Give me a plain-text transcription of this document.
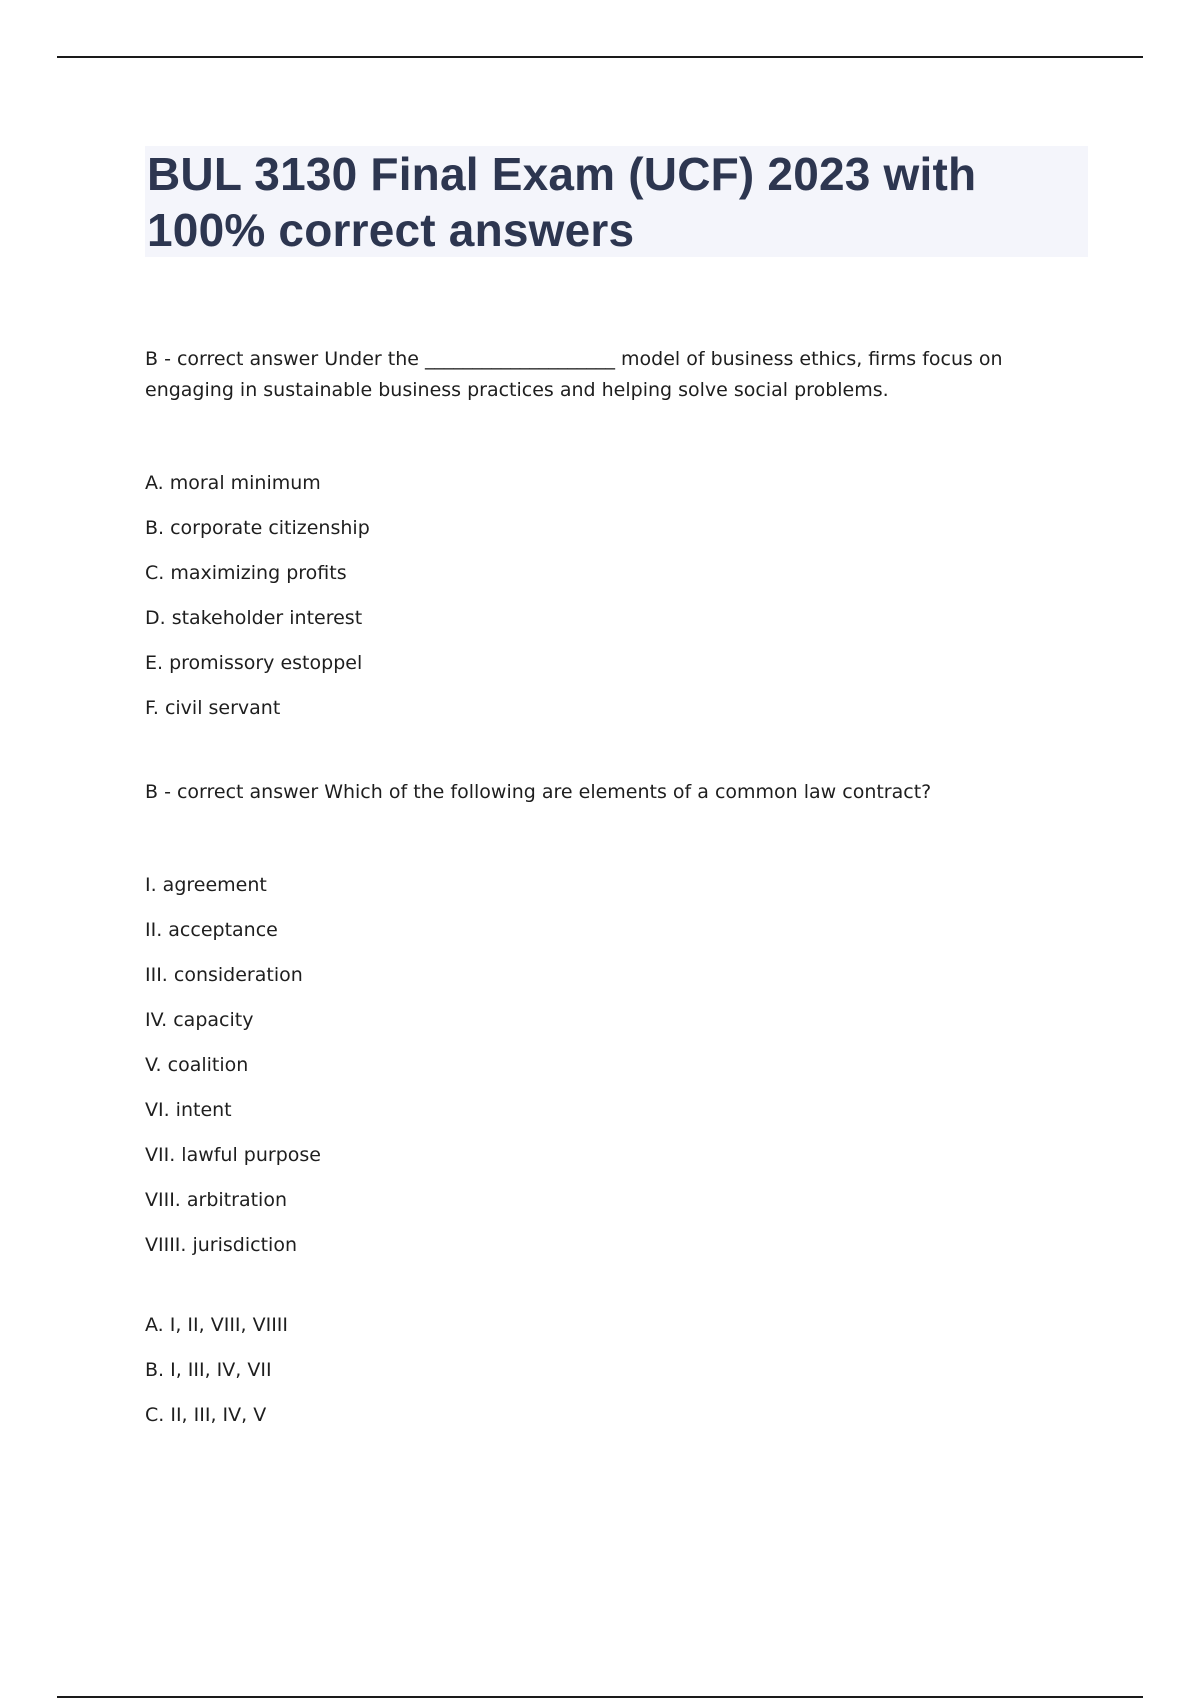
BUL 3130 Final Exam (UCF) 2023 with 100% correct answers

B - correct answer Under the ____________________ model of business ethics, firms focus on engaging in sustainable business practices and helping solve social problems.

A. moral minimum
B. corporate citizenship
C. maximizing profits
D. stakeholder interest
E. promissory estoppel
F. civil servant

B - correct answer Which of the following are elements of a common law contract?

I. agreement
II. acceptance
III. consideration
IV. capacity
V. coalition
VI. intent
VII. lawful purpose
VIII. arbitration
VIIII. jurisdiction
A. I, II, VIII, VIIII
B. I, III, IV, VII
C. II, III, IV, V
